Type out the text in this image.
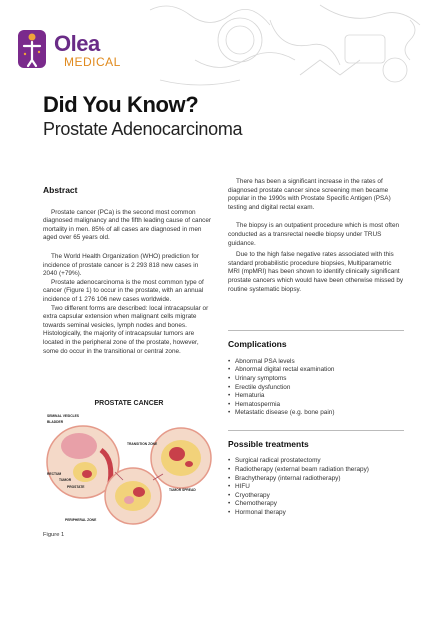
Olea
MEDICAL
Did You Know?
Prostate Adenocarcinoma
Abstract

Prostate cancer (PCa) is the second most common diagnosed malignancy and the fifth leading cause of cancer mortality in men. 85% of all cases are diagnosed in men aged over 65 years old.

The World Health Organization (WHO) prediction for incidence of prostate cancer is 2 293 818 new cases in 2040 (+79%).

Prostate adenocarcinoma is the most common type of cancer (Figure 1) to occur in the prostate, with an annual incidence of 1 276 106 new cases worldwide.

Two different forms are described: local intracapsular or extra capsular extension when malignant cells migrate towards seminal vesicles, lymph nodes and bones. Histologically, the majority of intracapsular tumors are located in the peripheral zone of the prostate, however, some do occur in the transitional or central zone.

There has been a significant increase in the rates of diagnosed prostate cancer since screening men became popular in the 1990s with Prostate Specific Antigen (PSA) testing and digital rectal exam.

The biopsy is an outpatient procedure which is most often conducted as a transrectal needle biopsy under TRUS guidance.

Due to the high false negative rates associated with this standard probabilistic procedure biopsies, Multiparametric MRI (mpMRI) has been shown to identify clinically significant prostate cancers which would have been otherwise missed by routine systematic biopsy.

Complications
• Abnormal PSA levels
• Abnormal digital rectal examination
• Urinary symptoms
• Erectile dysfunction
• Hematuria
• Hematospermia
• Metastatic disease (e.g. bone pain)
Possible treatments
• Surgical radical prostatectomy
• Radiotherapy (external beam radiation therapy)
• Brachytherapy (internal radiotherapy)
• HIFU
• Cryotherapy
• Chemotherapy
• Hormonal therapy
PROSTATE CANCER
SEMINAL VESICLES
BLADDER
RECTUM
TUMOR
PROSTATE
TRANSITION ZONE
PERIPHERAL ZONE
TUMOR SPREAD
Figure 1
